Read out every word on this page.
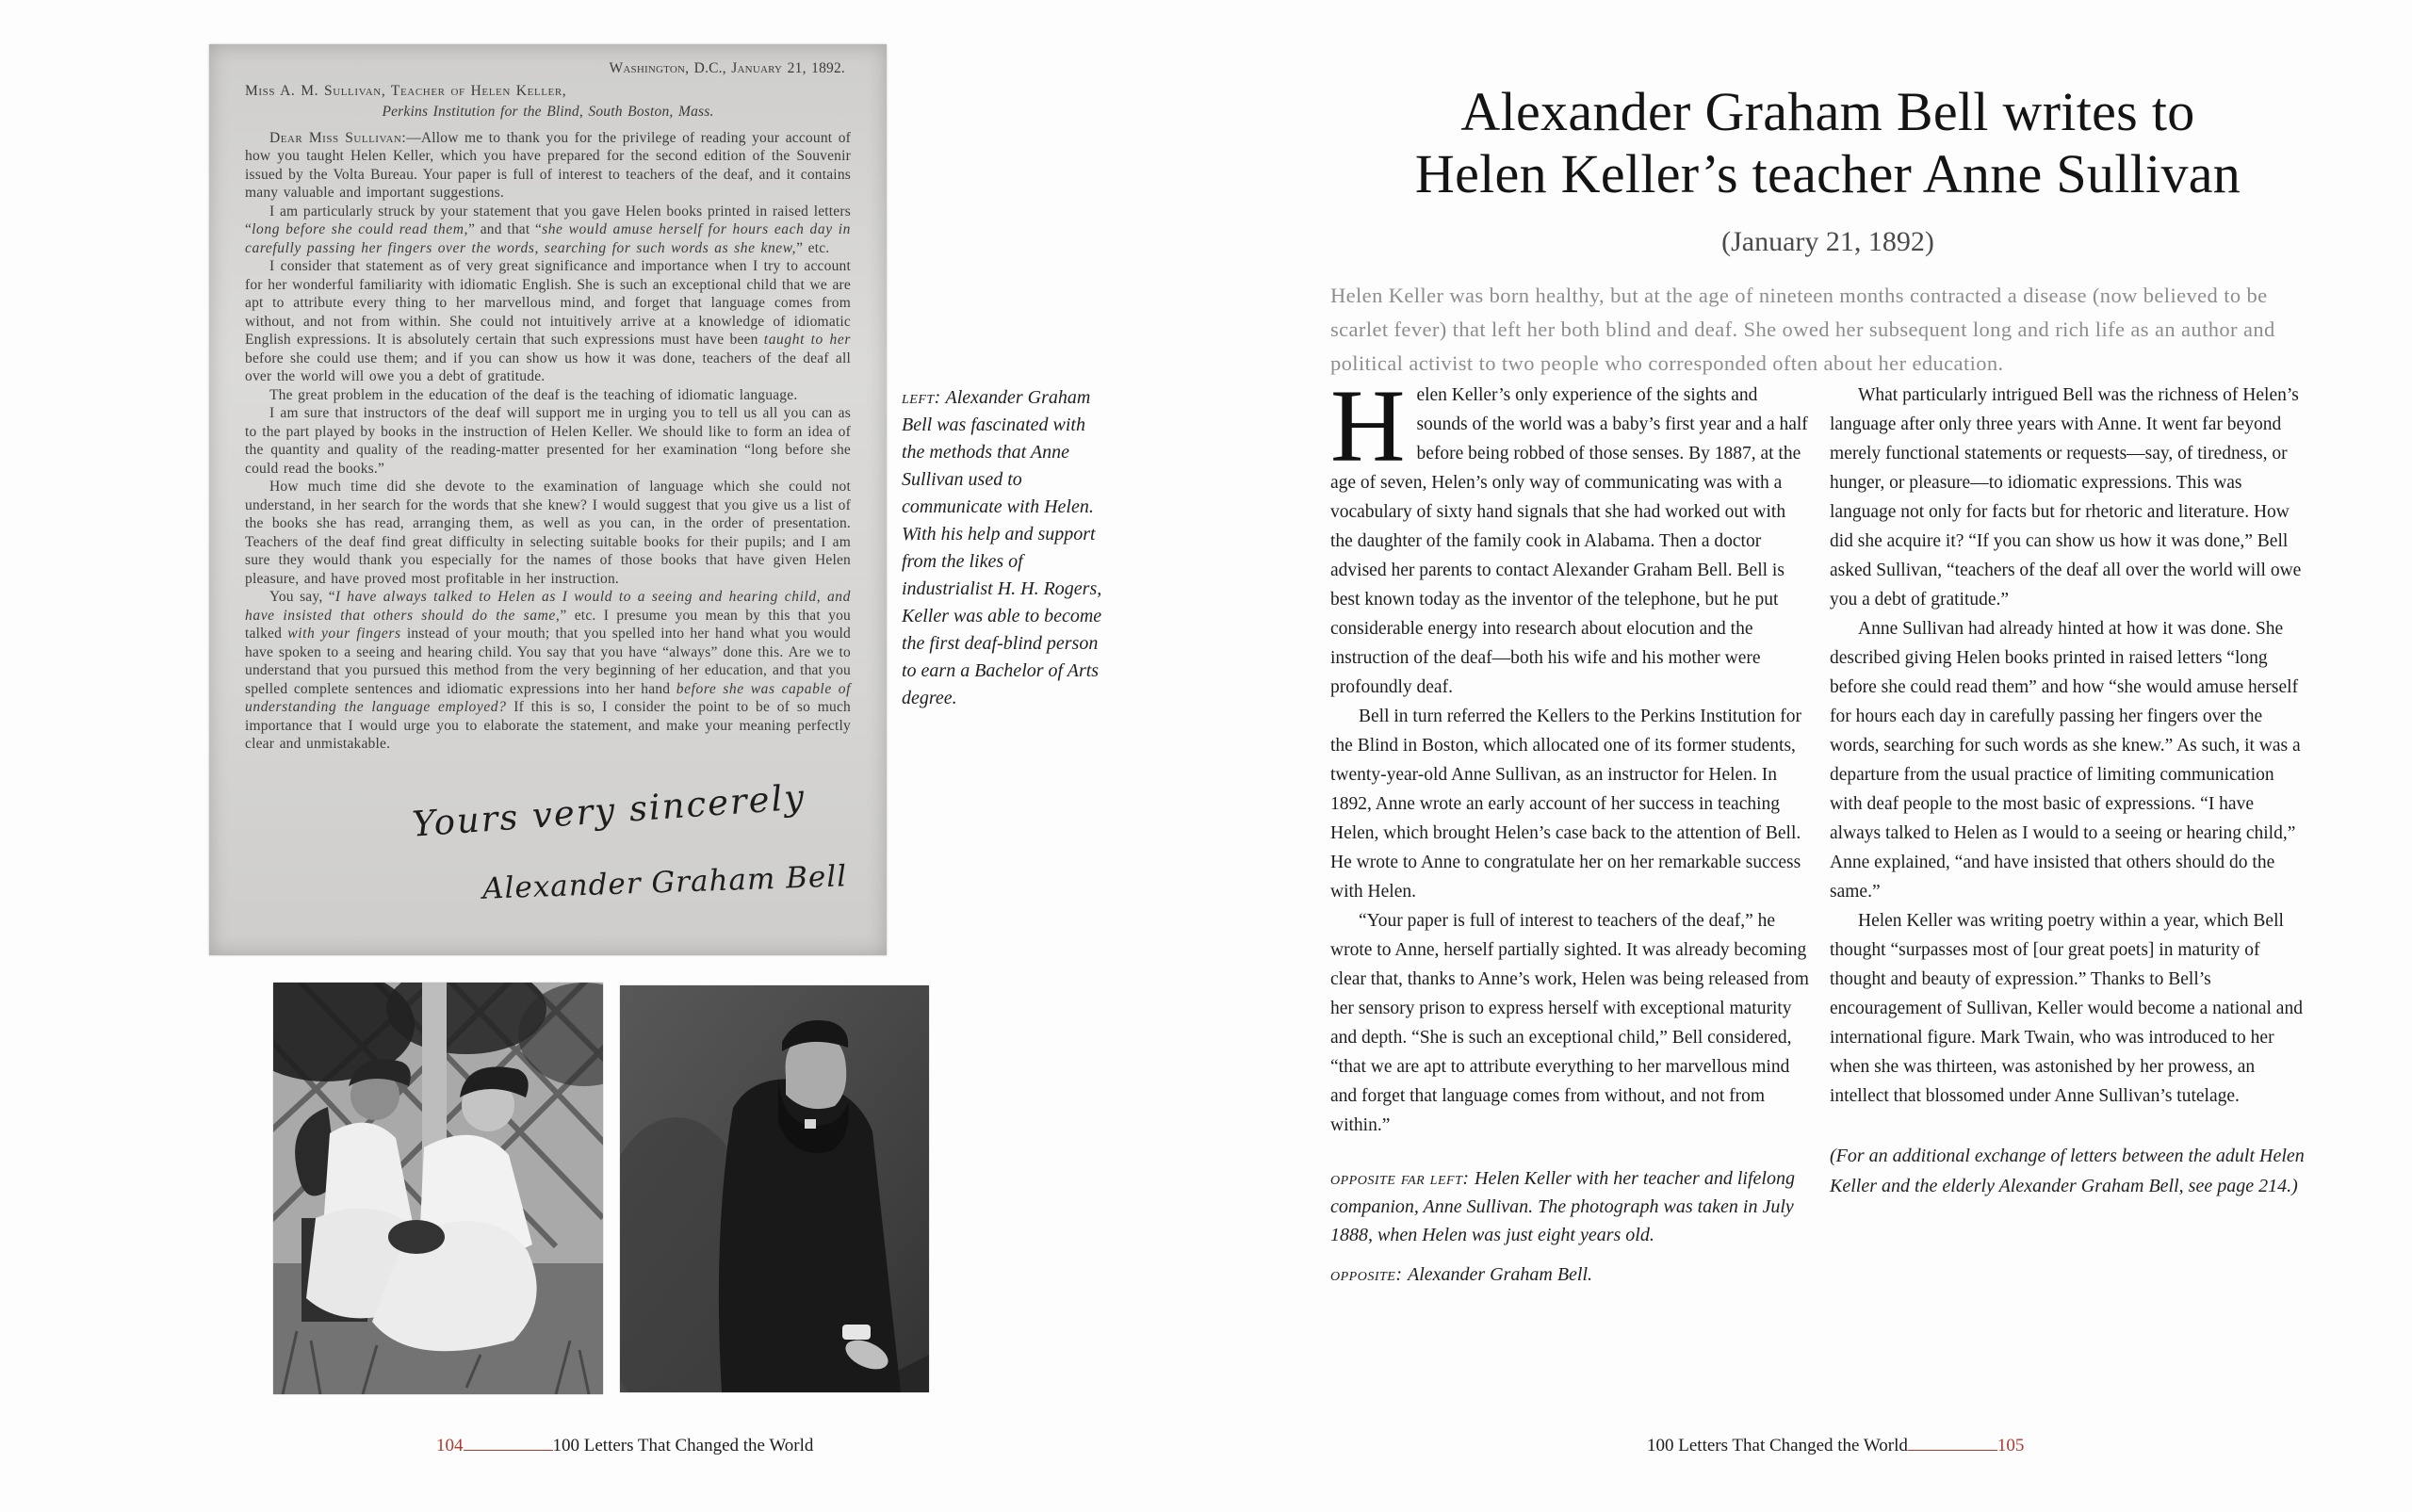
Washington, D.C., January 21, 1892.
Miss A. M. Sullivan, Teacher of Helen Keller,
Perkins Institution for the Blind, South Boston, Mass.

Dear Miss Sullivan:—Allow me to thank you for the privilege of reading your account of how you taught Helen Keller, which you have prepared for the second edition of the Souvenir issued by the Volta Bureau. Your paper is full of interest to teachers of the deaf, and it contains many valuable and important suggestions.

I am particularly struck by your statement that you gave Helen books printed in raised letters “long before she could read them,” and that “she would amuse herself for hours each day in carefully passing her fingers over the words, searching for such words as she knew,” etc.

I consider that statement as of very great significance and importance when I try to account for her wonderful familiarity with idiomatic English. She is such an exceptional child that we are apt to attribute every thing to her marvellous mind, and forget that language comes from without, and not from within. She could not intuitively arrive at a knowledge of idiomatic English expressions. It is absolutely certain that such expressions must have been taught to her before she could use them; and if you can show us how it was done, teachers of the deaf all over the world will owe you a debt of gratitude.

The great problem in the education of the deaf is the teaching of idiomatic language.

I am sure that instructors of the deaf will support me in urging you to tell us all you can as to the part played by books in the instruction of Helen Keller. We should like to form an idea of the quantity and quality of the reading-matter presented for her examination “long before she could read the books.”

How much time did she devote to the examination of language which she could not understand, in her search for the words that she knew? I would suggest that you give us a list of the books she has read, arranging them, as well as you can, in the order of presentation. Teachers of the deaf find great difficulty in selecting suitable books for their pupils; and I am sure they would thank you especially for the names of those books that have given Helen pleasure, and have proved most profitable in her instruction.

You say, “I have always talked to Helen as I would to a seeing and hearing child, and have insisted that others should do the same,” etc. I presume you mean by this that you talked with your fingers instead of your mouth; that you spelled into her hand what you would have spoken to a seeing and hearing child. You say that you have “always” done this. Are we to understand that you pursued this method from the very beginning of her education, and that you spelled complete sentences and idiomatic expressions into her hand before she was capable of understanding the language employed? If this is so, I consider the point to be of so much importance that I would urge you to elaborate the statement, and make your meaning perfectly clear and unmistakable.

Yours very sincerely
Alexander Graham Bell
left: Alexander Graham Bell was fascinated with the methods that Anne Sullivan used to communicate with Helen. With his help and support from the likes of industrialist H. H. Rogers, Keller was able to become the first deaf-blind person to earn a Bachelor of Arts degree.
104	100 Letters That Changed the World
Alexander Graham Bell writes to
Helen Keller’s teacher Anne Sullivan
(January 21, 1892)
Helen Keller was born healthy, but at the age of nineteen months contracted a disease (now believed to be scarlet fever) that left her both blind and deaf. She owed her subsequent long and rich life as an author and political activist to two people who corresponded often about her education.

Helen Keller’s only experience of the sights and sounds of the world was a baby’s first year and a half before being robbed of those senses. By 1887, at the age of seven, Helen’s only way of communicating was with a vocabulary of sixty hand signals that she had worked out with the daughter of the family cook in Alabama. Then a doctor advised her parents to contact Alexander Graham Bell. Bell is best known today as the inventor of the telephone, but he put considerable energy into research about elocution and the instruction of the deaf—both his wife and his mother were profoundly deaf.

Bell in turn referred the Kellers to the Perkins Institution for the Blind in Boston, which allocated one of its former students, twenty-year-old Anne Sullivan, as an instructor for Helen. In 1892, Anne wrote an early account of her success in teaching Helen, which brought Helen’s case back to the attention of Bell. He wrote to Anne to congratulate her on her remarkable success with Helen.

“Your paper is full of interest to teachers of the deaf,” he wrote to Anne, herself partially sighted. It was already becoming clear that, thanks to Anne’s work, Helen was being released from her sensory prison to express herself with exceptional maturity and depth. “She is such an exceptional child,” Bell considered, “that we are apt to attribute everything to her marvellous mind and forget that language comes from without, and not from within.”

opposite far left: Helen Keller with her teacher and lifelong companion, Anne Sullivan. The photograph was taken in July 1888, when Helen was just eight years old.

opposite: Alexander Graham Bell.

What particularly intrigued Bell was the richness of Helen’s language after only three years with Anne. It went far beyond merely functional statements or requests—say, of tiredness, or hunger, or pleasure—to idiomatic expressions. This was language not only for facts but for rhetoric and literature. How did she acquire it? “If you can show us how it was done,” Bell asked Sullivan, “teachers of the deaf all over the world will owe you a debt of gratitude.”

Anne Sullivan had already hinted at how it was done. She described giving Helen books printed in raised letters “long before she could read them” and how “she would amuse herself for hours each day in carefully passing her fingers over the words, searching for such words as she knew.” As such, it was a departure from the usual practice of limiting communication with deaf people to the most basic of expressions. “I have always talked to Helen as I would to a seeing or hearing child,” Anne explained, “and have insisted that others should do the same.”

Helen Keller was writing poetry within a year, which Bell thought “surpasses most of [our great poets] in maturity of thought and beauty of expression.” Thanks to Bell’s encouragement of Sullivan, Keller would become a national and international figure. Mark Twain, who was introduced to her when she was thirteen, was astonished by her prowess, an intellect that blossomed under Anne Sullivan’s tutelage.

(For an additional exchange of letters between the adult Helen Keller and the elderly Alexander Graham Bell, see page 214.)

100 Letters That Changed the World	105
